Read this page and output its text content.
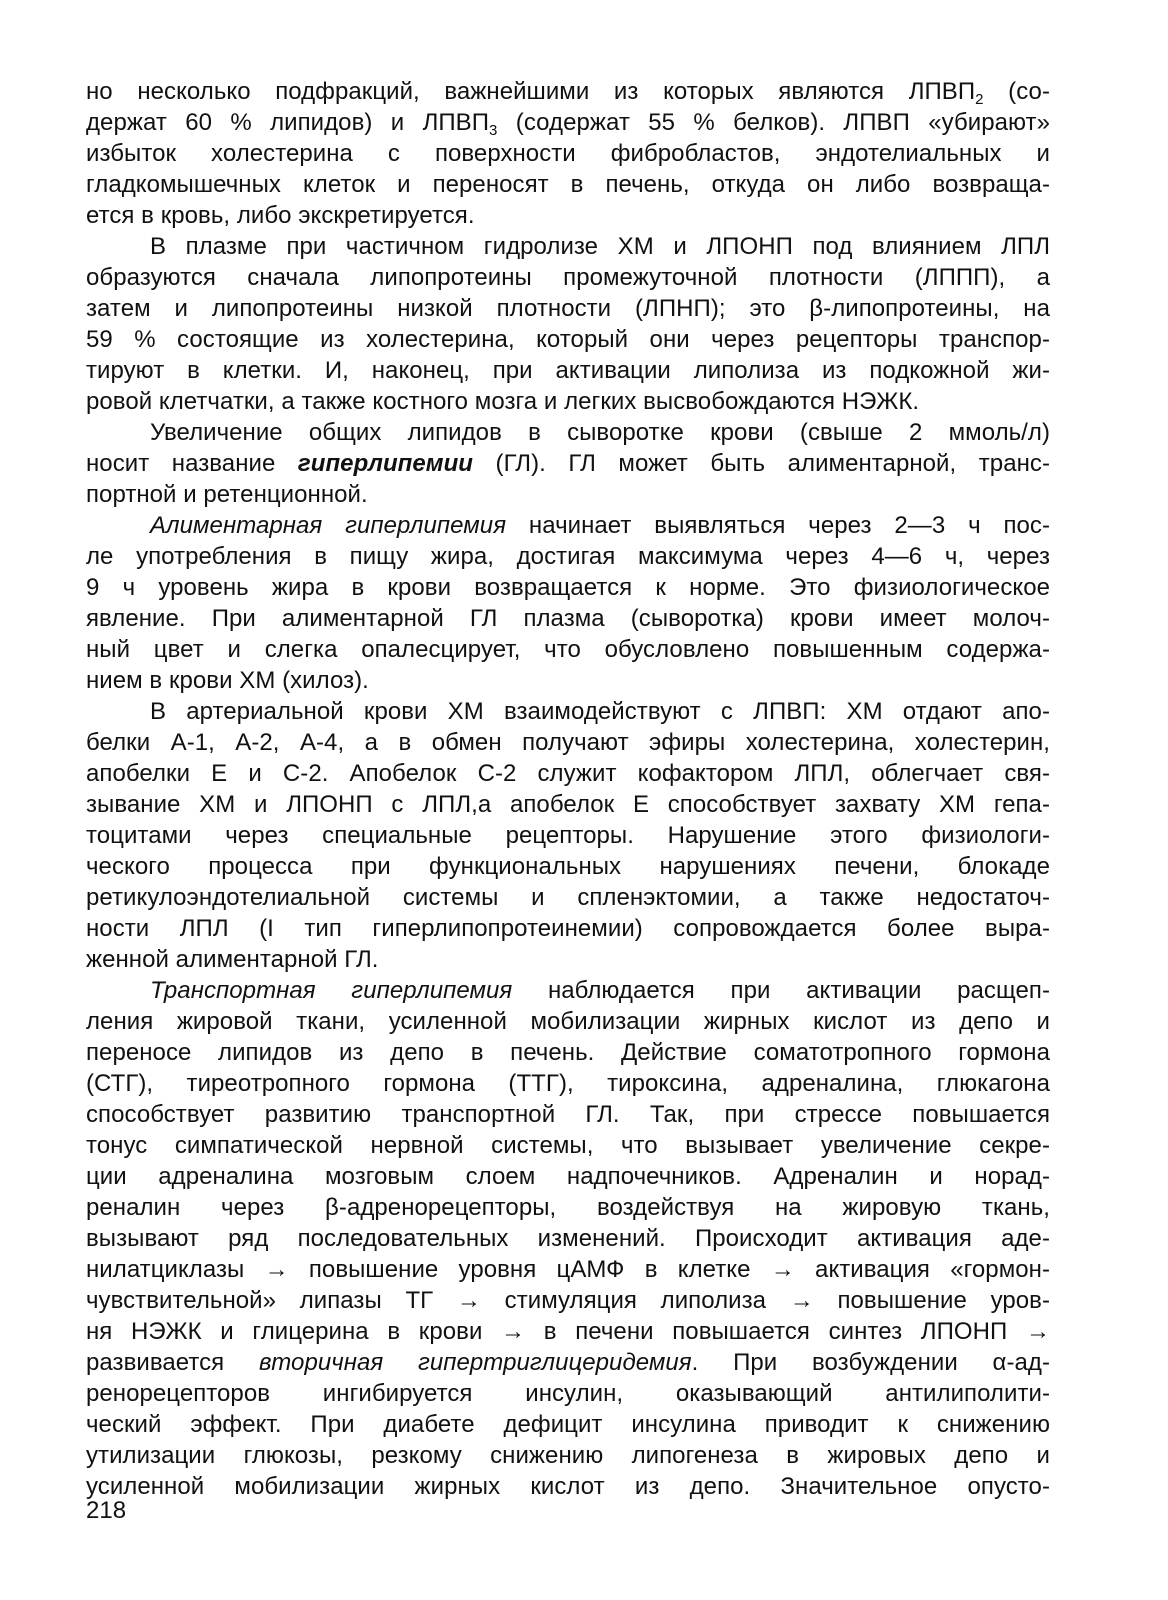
но несколько подфракций, важнейшими из которых являются $ЛПВП_2$ (со-
держат 60 % липидов) и $ЛПВП_3$ (содержат 55 % белков). ЛПВП «убирают»
избыток холестерина с поверхности фибробластов, эндотелиальных и
гладкомышечных клеток и переносят в печень, откуда он либо возвраща-
ется в кровь, либо экскретируется.
В плазме при частичном гидролизе ХМ и ЛПОНП под влиянием ЛПЛ
образуются сначала липопротеины промежуточной плотности (ЛППП), а
затем и липопротеины низкой плотности (ЛПНП); это β-липопротеины, на
59 % состоящие из холестерина, который они через рецепторы транспор-
тируют в клетки. И, наконец, при активации липолиза из подкожной жи-
ровой клетчатки, а также костного мозга и легких высвобождаются НЭЖК.
Увеличение общих липидов в сыворотке крови (свыше 2 ммоль/л)
носит название гиперлипемии (ГЛ). ГЛ может быть алиментарной, транс-
портной и ретенционной.
Алиментарная гиперлипемия начинает выявляться через 2—3 ч пос-
ле употребления в пищу жира, достигая максимума через 4—6 ч, через
9 ч уровень жира в крови возвращается к норме. Это физиологическое
явление. При алиментарной ГЛ плазма (сыворотка) крови имеет молоч-
ный цвет и слегка опалесцирует, что обусловлено повышенным содержа-
нием в крови ХМ (хилоз).
В артериальной крови ХМ взаимодействуют с ЛПВП: ХМ отдают апо-
белки А-1, А-2, А-4, а в обмен получают эфиры холестерина, холестерин,
апобелки Е и С-2. Апобелок С-2 служит кофактором ЛПЛ, облегчает свя-
зывание ХМ и ЛПОНП с ЛПЛ,а апобелок Е способствует захвату ХМ гепа-
тоцитами через специальные рецепторы. Нарушение этого физиологи-
ческого процесса при функциональных нарушениях печени, блокаде
ретикулоэндотелиальной системы и спленэктомии, а также недостаточ-
ности ЛПЛ (I тип гиперлипопротеинемии) сопровождается более выра-
женной алиментарной ГЛ.
Транспортная гиперлипемия наблюдается при активации расщеп-
ления жировой ткани, усиленной мобилизации жирных кислот из депо и
переносе липидов из депо в печень. Действие соматотропного гормона
(СТГ), тиреотропного гормона (ТТГ), тироксина, адреналина, глюкагона
способствует развитию транспортной ГЛ. Так, при стрессе повышается
тонус симпатической нервной системы, что вызывает увеличение секре-
ции адреналина мозговым слоем надпочечников. Адреналин и норад-
реналин через β-адренорецепторы, воздействуя на жировую ткань,
вызывают ряд последовательных изменений. Происходит активация аде-
нилатциклазы → повышение уровня цАМФ в клетке → активация «гормон-
чувствительной» липазы ТГ → стимуляция липолиза → повышение уров-
ня НЭЖК и глицерина в крови → в печени повышается синтез ЛПОНП →
развивается вторичная гипертриглицеридемия. При возбуждении α-ад-
ренорецепторов ингибируется инсулин, оказывающий антилиполити-
ческий эффект. При диабете дефицит инсулина приводит к снижению
утилизации глюкозы, резкому снижению липогенеза в жировых депо и
усиленной мобилизации жирных кислот из депо. Значительное опусто-
218
